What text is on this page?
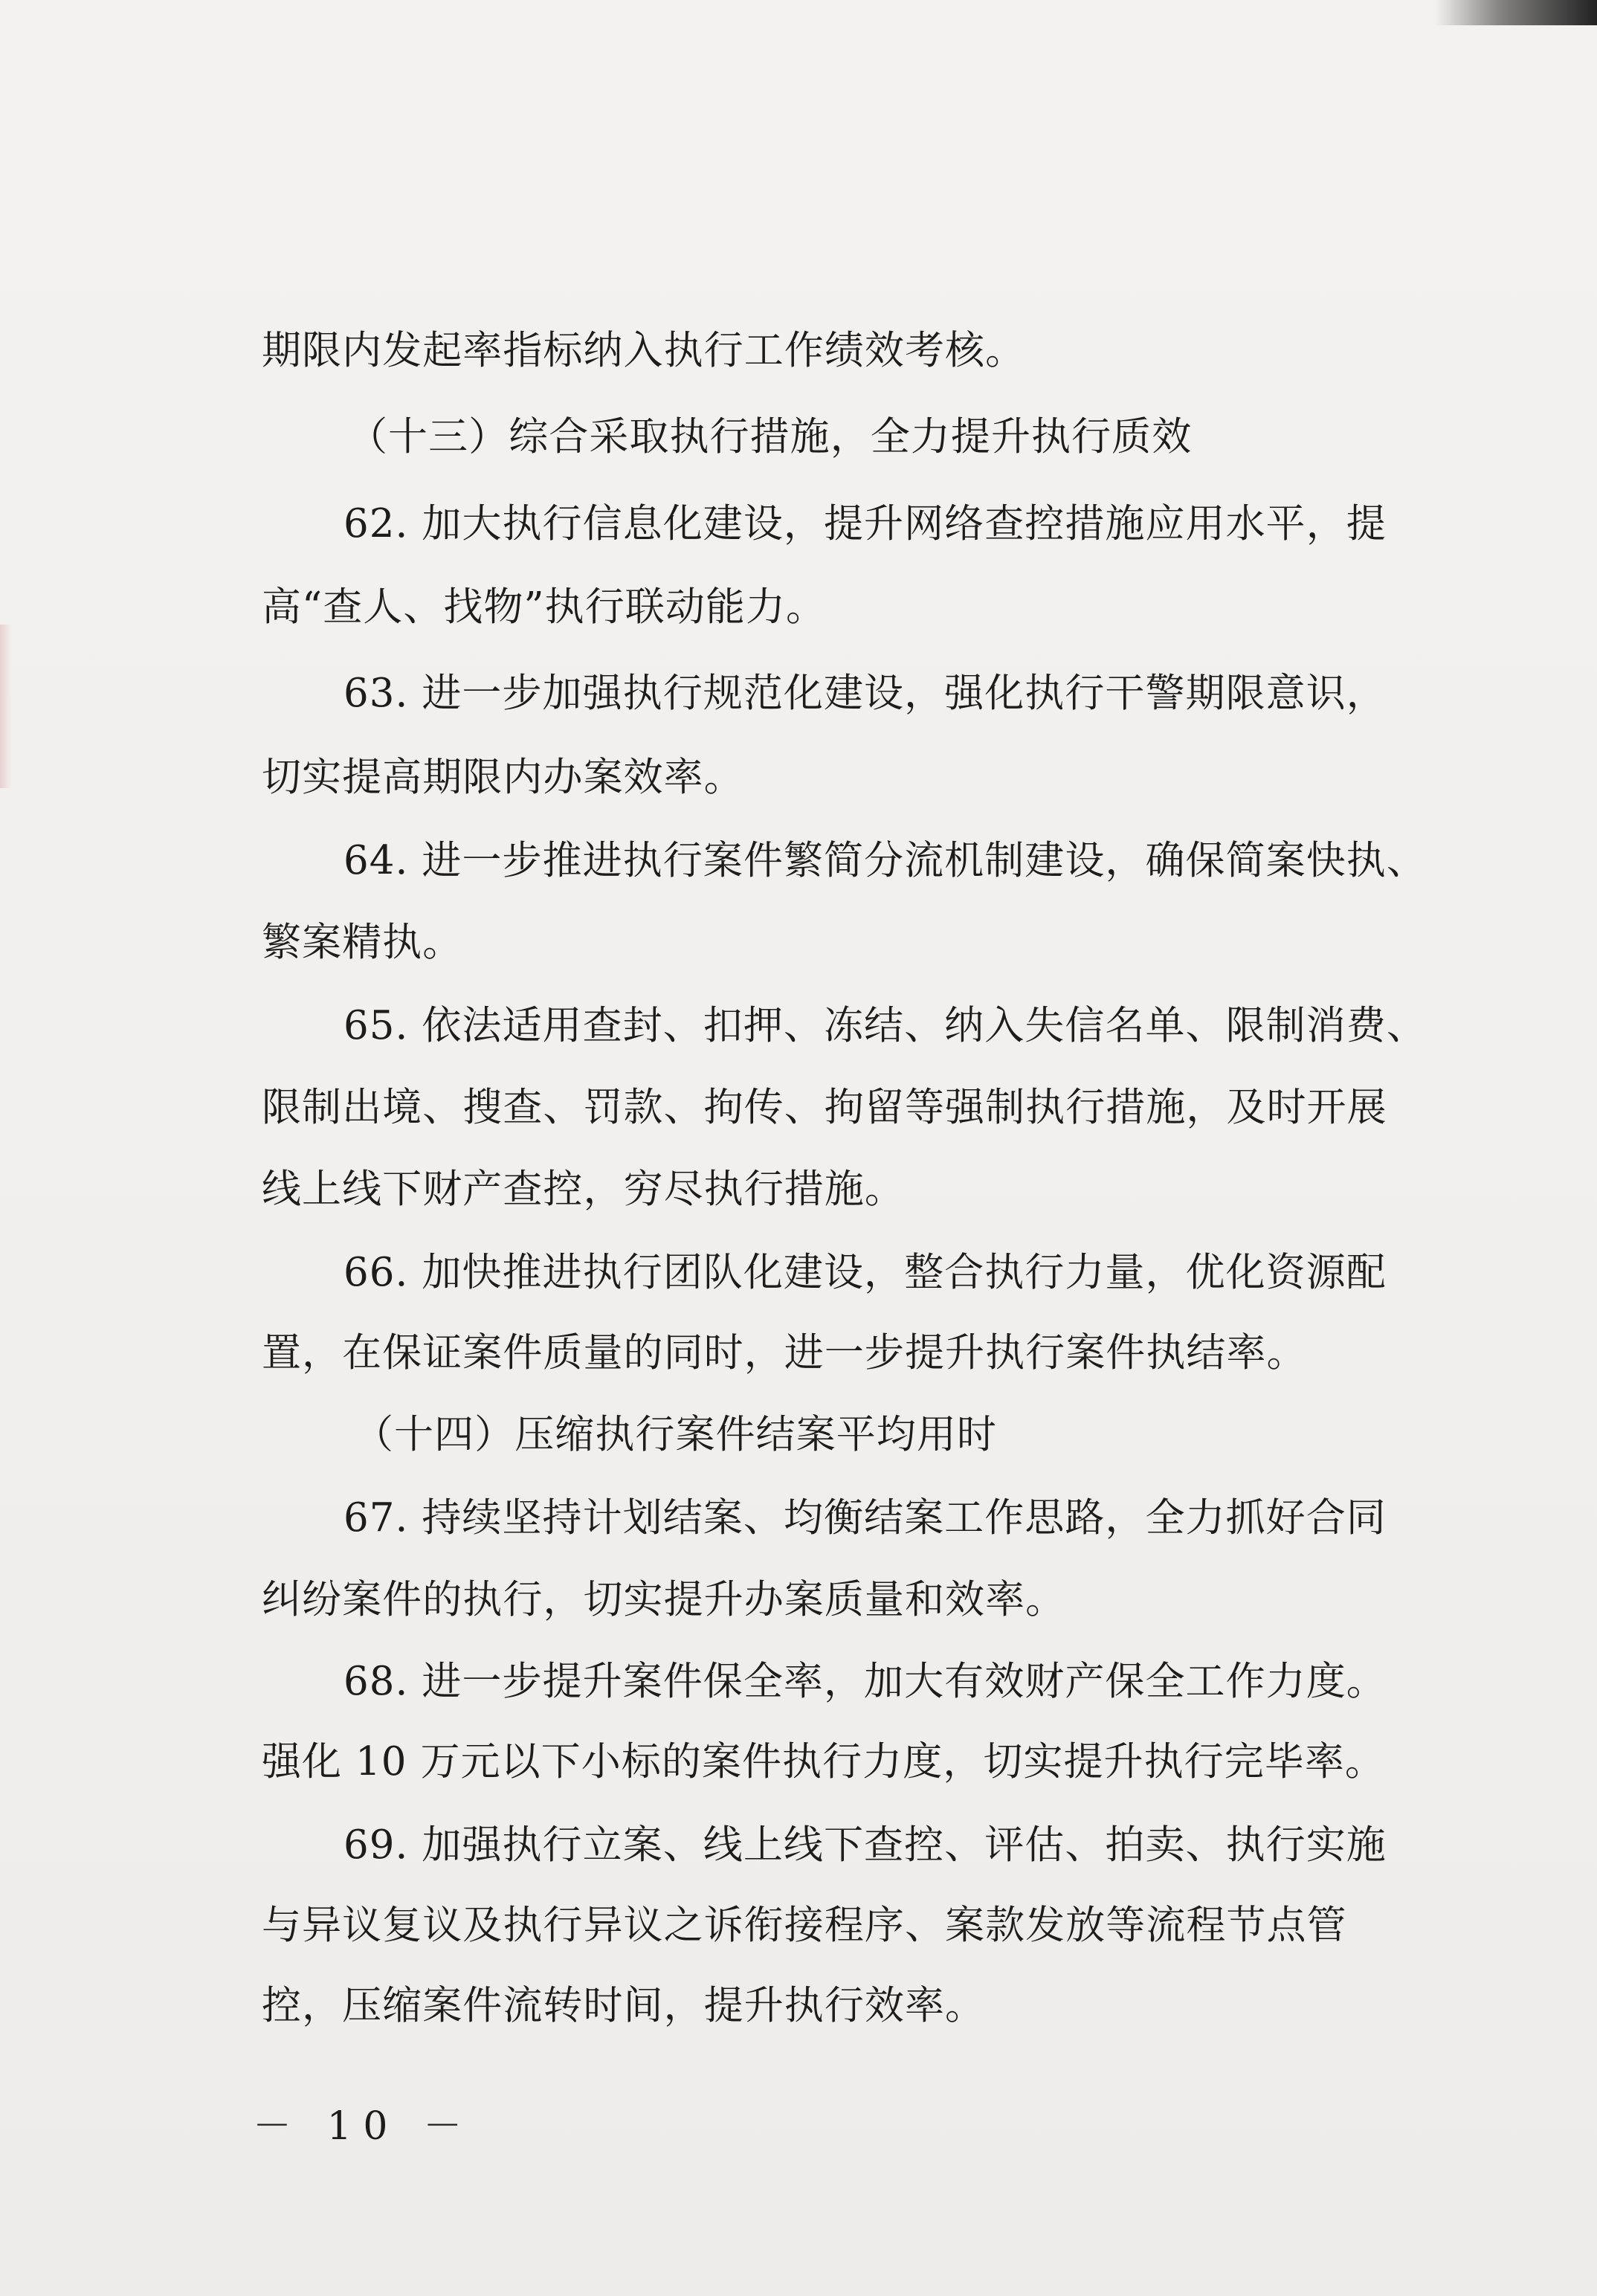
期限内发起率指标纳入执行工作绩效考核。
（十三）综合采取执行措施，全力提升执行质效
62. 加大执行信息化建设，提升网络查控措施应用水平，提
高“查人、找物”执行联动能力。
63. 进一步加强执行规范化建设，强化执行干警期限意识，
切实提高期限内办案效率。
64. 进一步推进执行案件繁简分流机制建设，确保简案快执、
繁案精执。
65. 依法适用查封、扣押、冻结、纳入失信名单、限制消费、
限制出境、搜查、罚款、拘传、拘留等强制执行措施，及时开展
线上线下财产查控，穷尽执行措施。
66. 加快推进执行团队化建设，整合执行力量，优化资源配
置，在保证案件质量的同时，进一步提升执行案件执结率。
（十四）压缩执行案件结案平均用时
67. 持续坚持计划结案、均衡结案工作思路，全力抓好合同
纠纷案件的执行，切实提升办案质量和效率。
68. 进一步提升案件保全率，加大有效财产保全工作力度。
强化 10 万元以下小标的案件执行力度，切实提升执行完毕率。
69. 加强执行立案、线上线下查控、评估、拍卖、执行实施
与异议复议及执行异议之诉衔接程序、案款发放等流程节点管
控，压缩案件流转时间，提升执行效率。
－ 10 －
